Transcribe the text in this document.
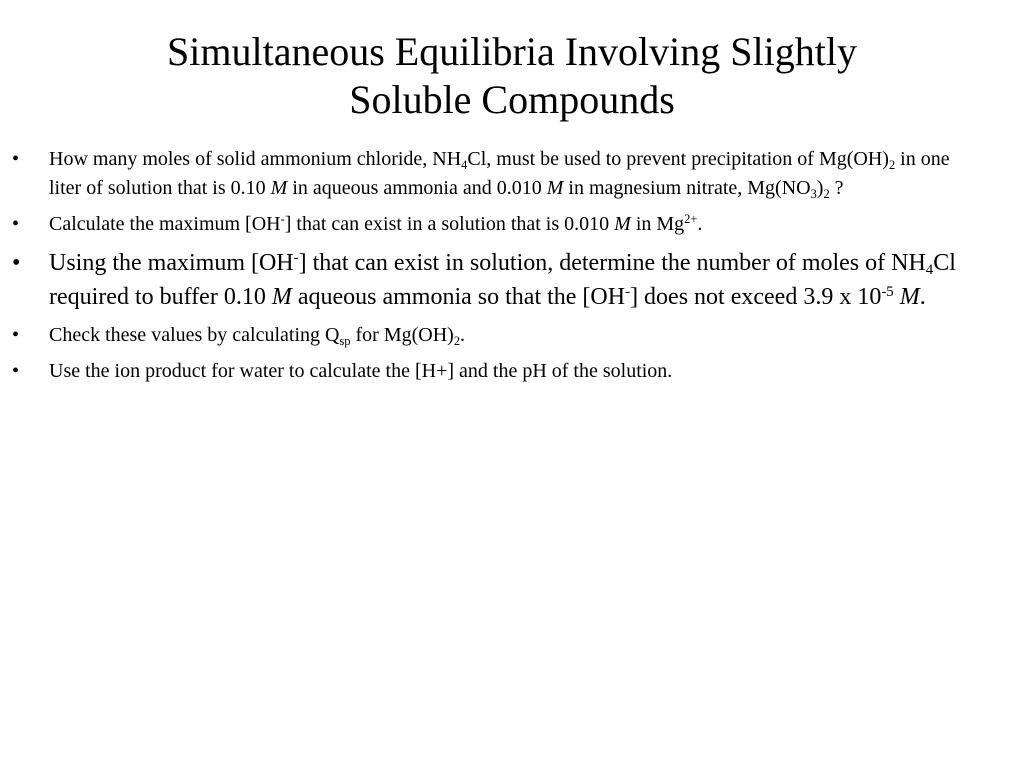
Simultaneous Equilibria Involving Slightly
Soluble Compounds
• How many moles of solid ammonium chloride, $NH_4Cl$, must be used to prevent precipitation of $Mg(OH)_2$ in one liter of solution that is 0.10 M in aqueous ammonia and 0.010 M in magnesium nitrate, $Mg(NO_3)_2$ ?
• Calculate the maximum [OH-] that can exist in a solution that is 0.010 M in $Mg^{2+}$.
• Using the maximum [OH-] that can exist in solution, determine the number of moles of $NH_4Cl$ required to buffer 0.10 M aqueous ammonia so that the [OH-] does not exceed 3.9 x $10^{-5}$ M.
• Check these values by calculating $Q_{sp}$ for $Mg(OH)_2$.
• Use the ion product for water to calculate the [H+] and the pH of the solution.
